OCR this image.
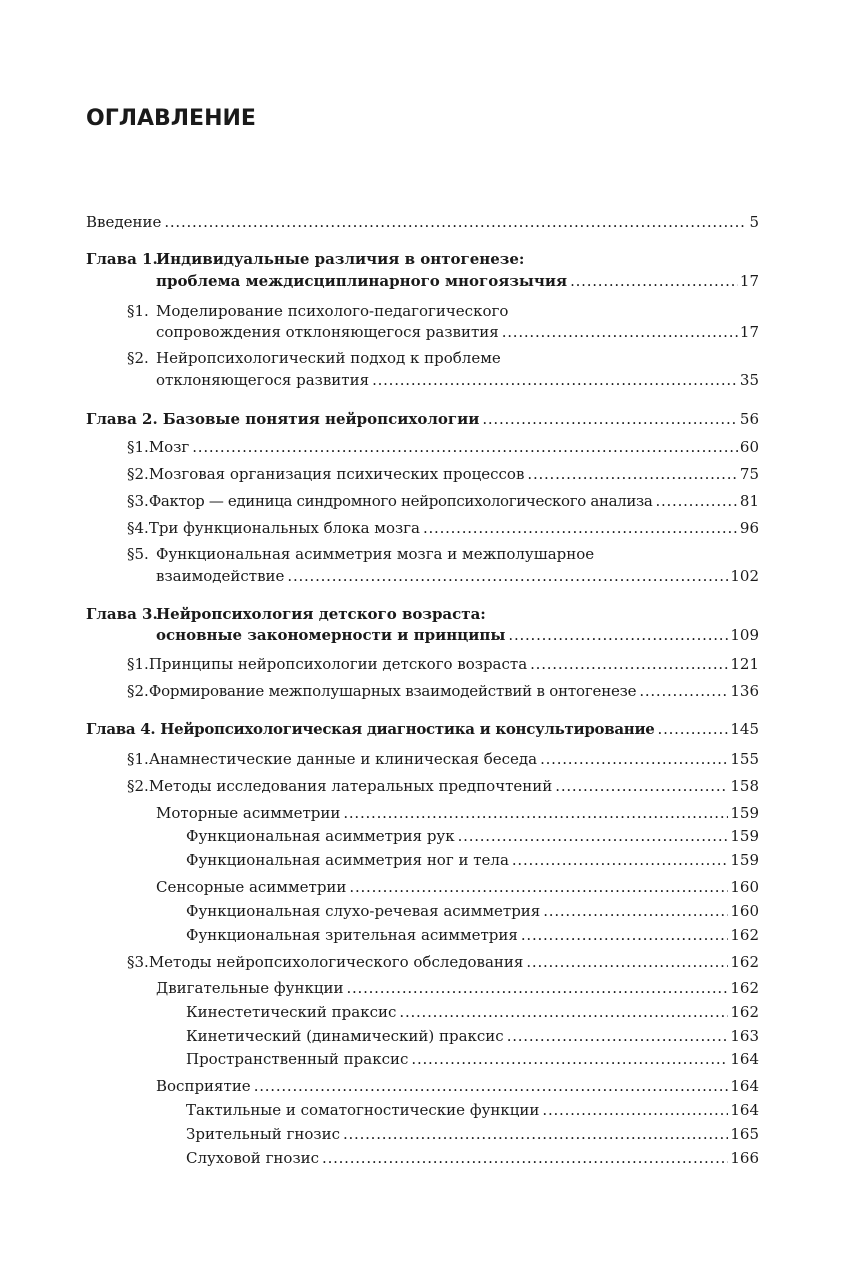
ОГЛАВЛЕНИЕ
Введение . . .	5
Глава 1.Индивидуальные различия в онтогенезе:
проблема междисциплинарного многоязычия . . .	17
§1. Моделирование психолого-педагогического
сопровождения отклоняющегося развития . . .	17
§2. Нейропсихологический подход к проблеме
отклоняющегося развития . . .	35
Глава 2. Базовые понятия нейропсихологии . . .	56
§1. Мозг . . .	60
§2. Мозговая организация психических процессов . . .	75
§3. Фактор — единица синдромного нейропсихологического анализа . . .	81
§4. Три функциональных блока мозга . . .	96
§5. Функциональная асимметрия мозга и межполушарное
взаимодействие . . .	102
Глава 3.Нейропсихология детского возраста:
основные закономерности и принципы . . .	109
§1. Принципы нейропсихологии детского возраста . . .	121
§2. Формирование межполушарных взаимодействий в онтогенезе . . .	136
Глава 4. Нейропсихологическая диагностика и консультирование . . .	145
§1. Анамнестические данные и клиническая беседа . . .	155
§2. Методы исследования латеральных предпочтений . . .	158
Моторные асимметрии . . .	159
Функциональная асимметрия рук . . .	159
Функциональная асимметрия ног и тела . . .	159
Сенсорные асимметрии . . .	160
Функциональная слухо-речевая асимметрия . . .	160
Функциональная зрительная асимметрия . . .	162
§3. Методы нейропсихологического обследования . . .	162
Двигательные функции . . .	162
Кинестетический праксис . . .	162
Кинетический (динамический) праксис . . .	163
Пространственный праксис . . .	164
Восприятие . . .	164
Тактильные и соматогностические функции . . .	164
Зрительный гнозис . . .	165
Слуховой гнозис . . .	166
